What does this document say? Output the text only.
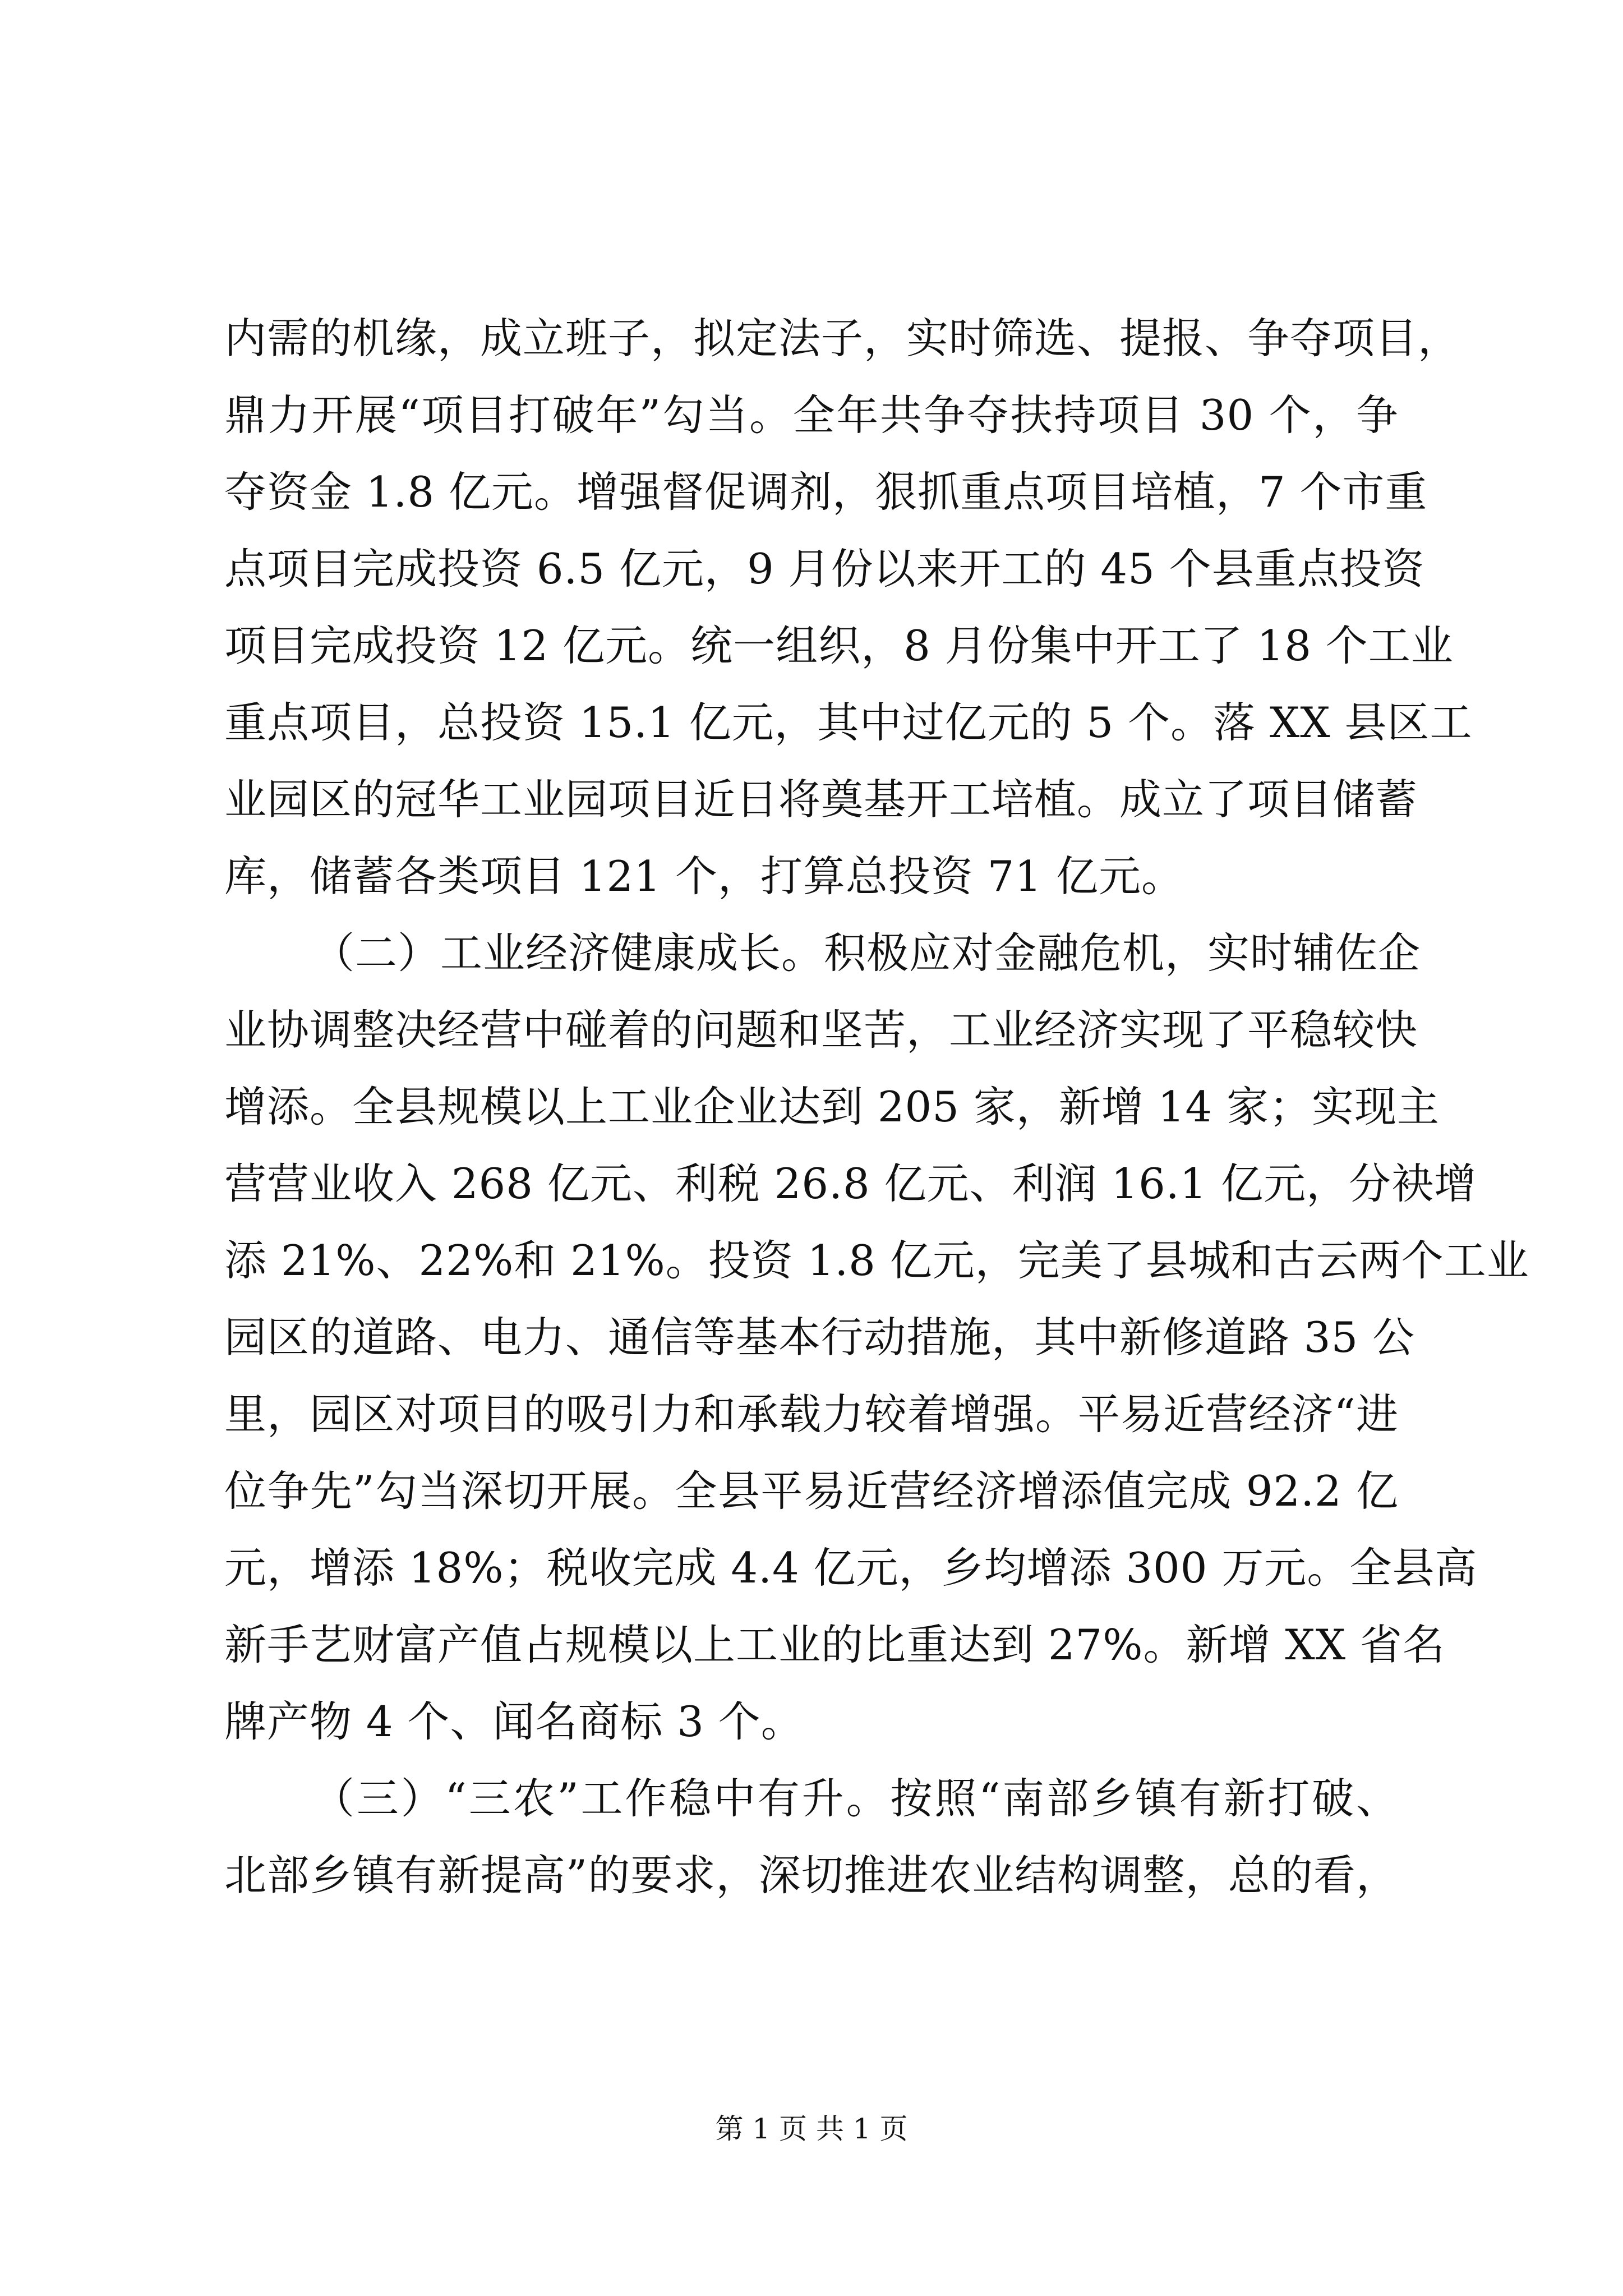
内需的机缘，成立班子，拟定法子，实时筛选、提报、争夺项目，
鼎力开展“项目打破年”勾当。全年共争夺扶持项目 30 个，争
夺资金 1.8 亿元。增强督促调剂，狠抓重点项目培植，7 个市重
点项目完成投资 6.5 亿元，9 月份以来开工的 45 个县重点投资
项目完成投资 12 亿元。统一组织，8 月份集中开工了 18 个工业
重点项目，总投资 15.1 亿元，其中过亿元的 5 个。落 XX 县区工
业园区的冠华工业园项目近日将奠基开工培植。成立了项目储蓄
库，储蓄各类项目 121 个，打算总投资 71 亿元。
（二）工业经济健康成长。积极应对金融危机，实时辅佐企
业协调整决经营中碰着的问题和坚苦，工业经济实现了平稳较快
增添。全县规模以上工业企业达到 205 家，新增 14 家；实现主
营营业收入 268 亿元、利税 26.8 亿元、利润 16.1 亿元，分袂增
添 21%、22%和 21%。投资 1.8 亿元，完美了县城和古云两个工业
园区的道路、电力、通信等基本行动措施，其中新修道路 35 公
里，园区对项目的吸引力和承载力较着增强。平易近营经济“进
位争先”勾当深切开展。全县平易近营经济增添值完成 92.2 亿
元，增添 18%；税收完成 4.4 亿元，乡均增添 300 万元。全县高
新手艺财富产值占规模以上工业的比重达到 27%。新增 XX 省名
牌产物 4 个、闻名商标 3 个。
（三）“三农”工作稳中有升。按照“南部乡镇有新打破、
北部乡镇有新提高”的要求，深切推进农业结构调整，总的看，
第 1 页 共 1 页
